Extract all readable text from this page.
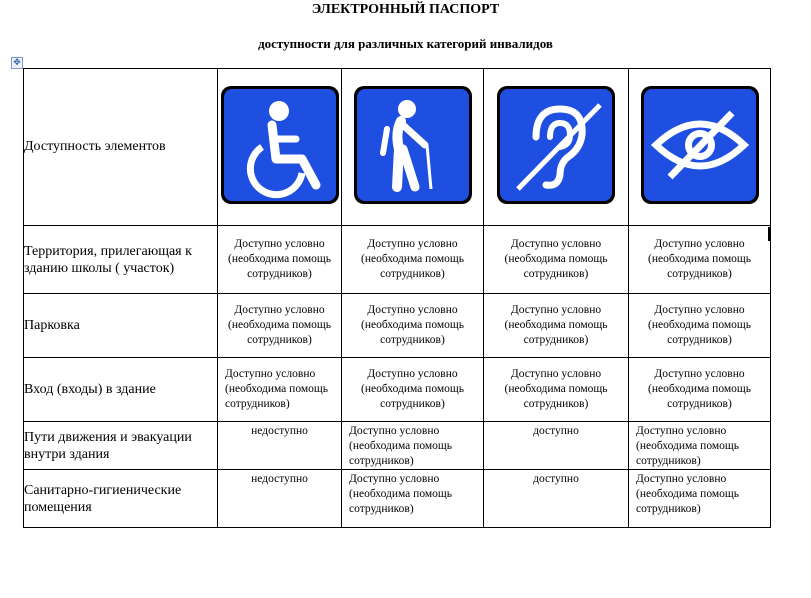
ЭЛЕКТРОННЫЙ ПАСПОРТ
доступности для различных категорий инвалидов
✥
Доступность элементов	

Территория, прилегающая к зданию школы ( участок)	Доступно условно (необходима помощь сотрудников)	Доступно условно (необходима помощь сотрудников)	Доступно условно (необходима помощь сотрудников)	Доступно условно (необходима помощь сотрудников)
Парковка	Доступно условно (необходима помощь сотрудников)	Доступно условно (необходима помощь сотрудников)	Доступно условно (необходима помощь сотрудников)	Доступно условно (необходима помощь сотрудников)
Вход (входы) в здание	Доступно условно (необходима помощь сотрудников)	Доступно условно (необходима помощь сотрудников)	Доступно условно (необходима помощь сотрудников)	Доступно условно (необходима помощь сотрудников)
Пути движения и эвакуации внутри здания	недоступно	Доступно условно (необходима помощь сотрудников)	доступно	Доступно условно (необходима помощь сотрудников)
Санитарно-гигиенические помещения	недоступно	Доступно условно (необходима помощь сотрудников)	доступно	Доступно условно (необходима помощь сотрудников)
